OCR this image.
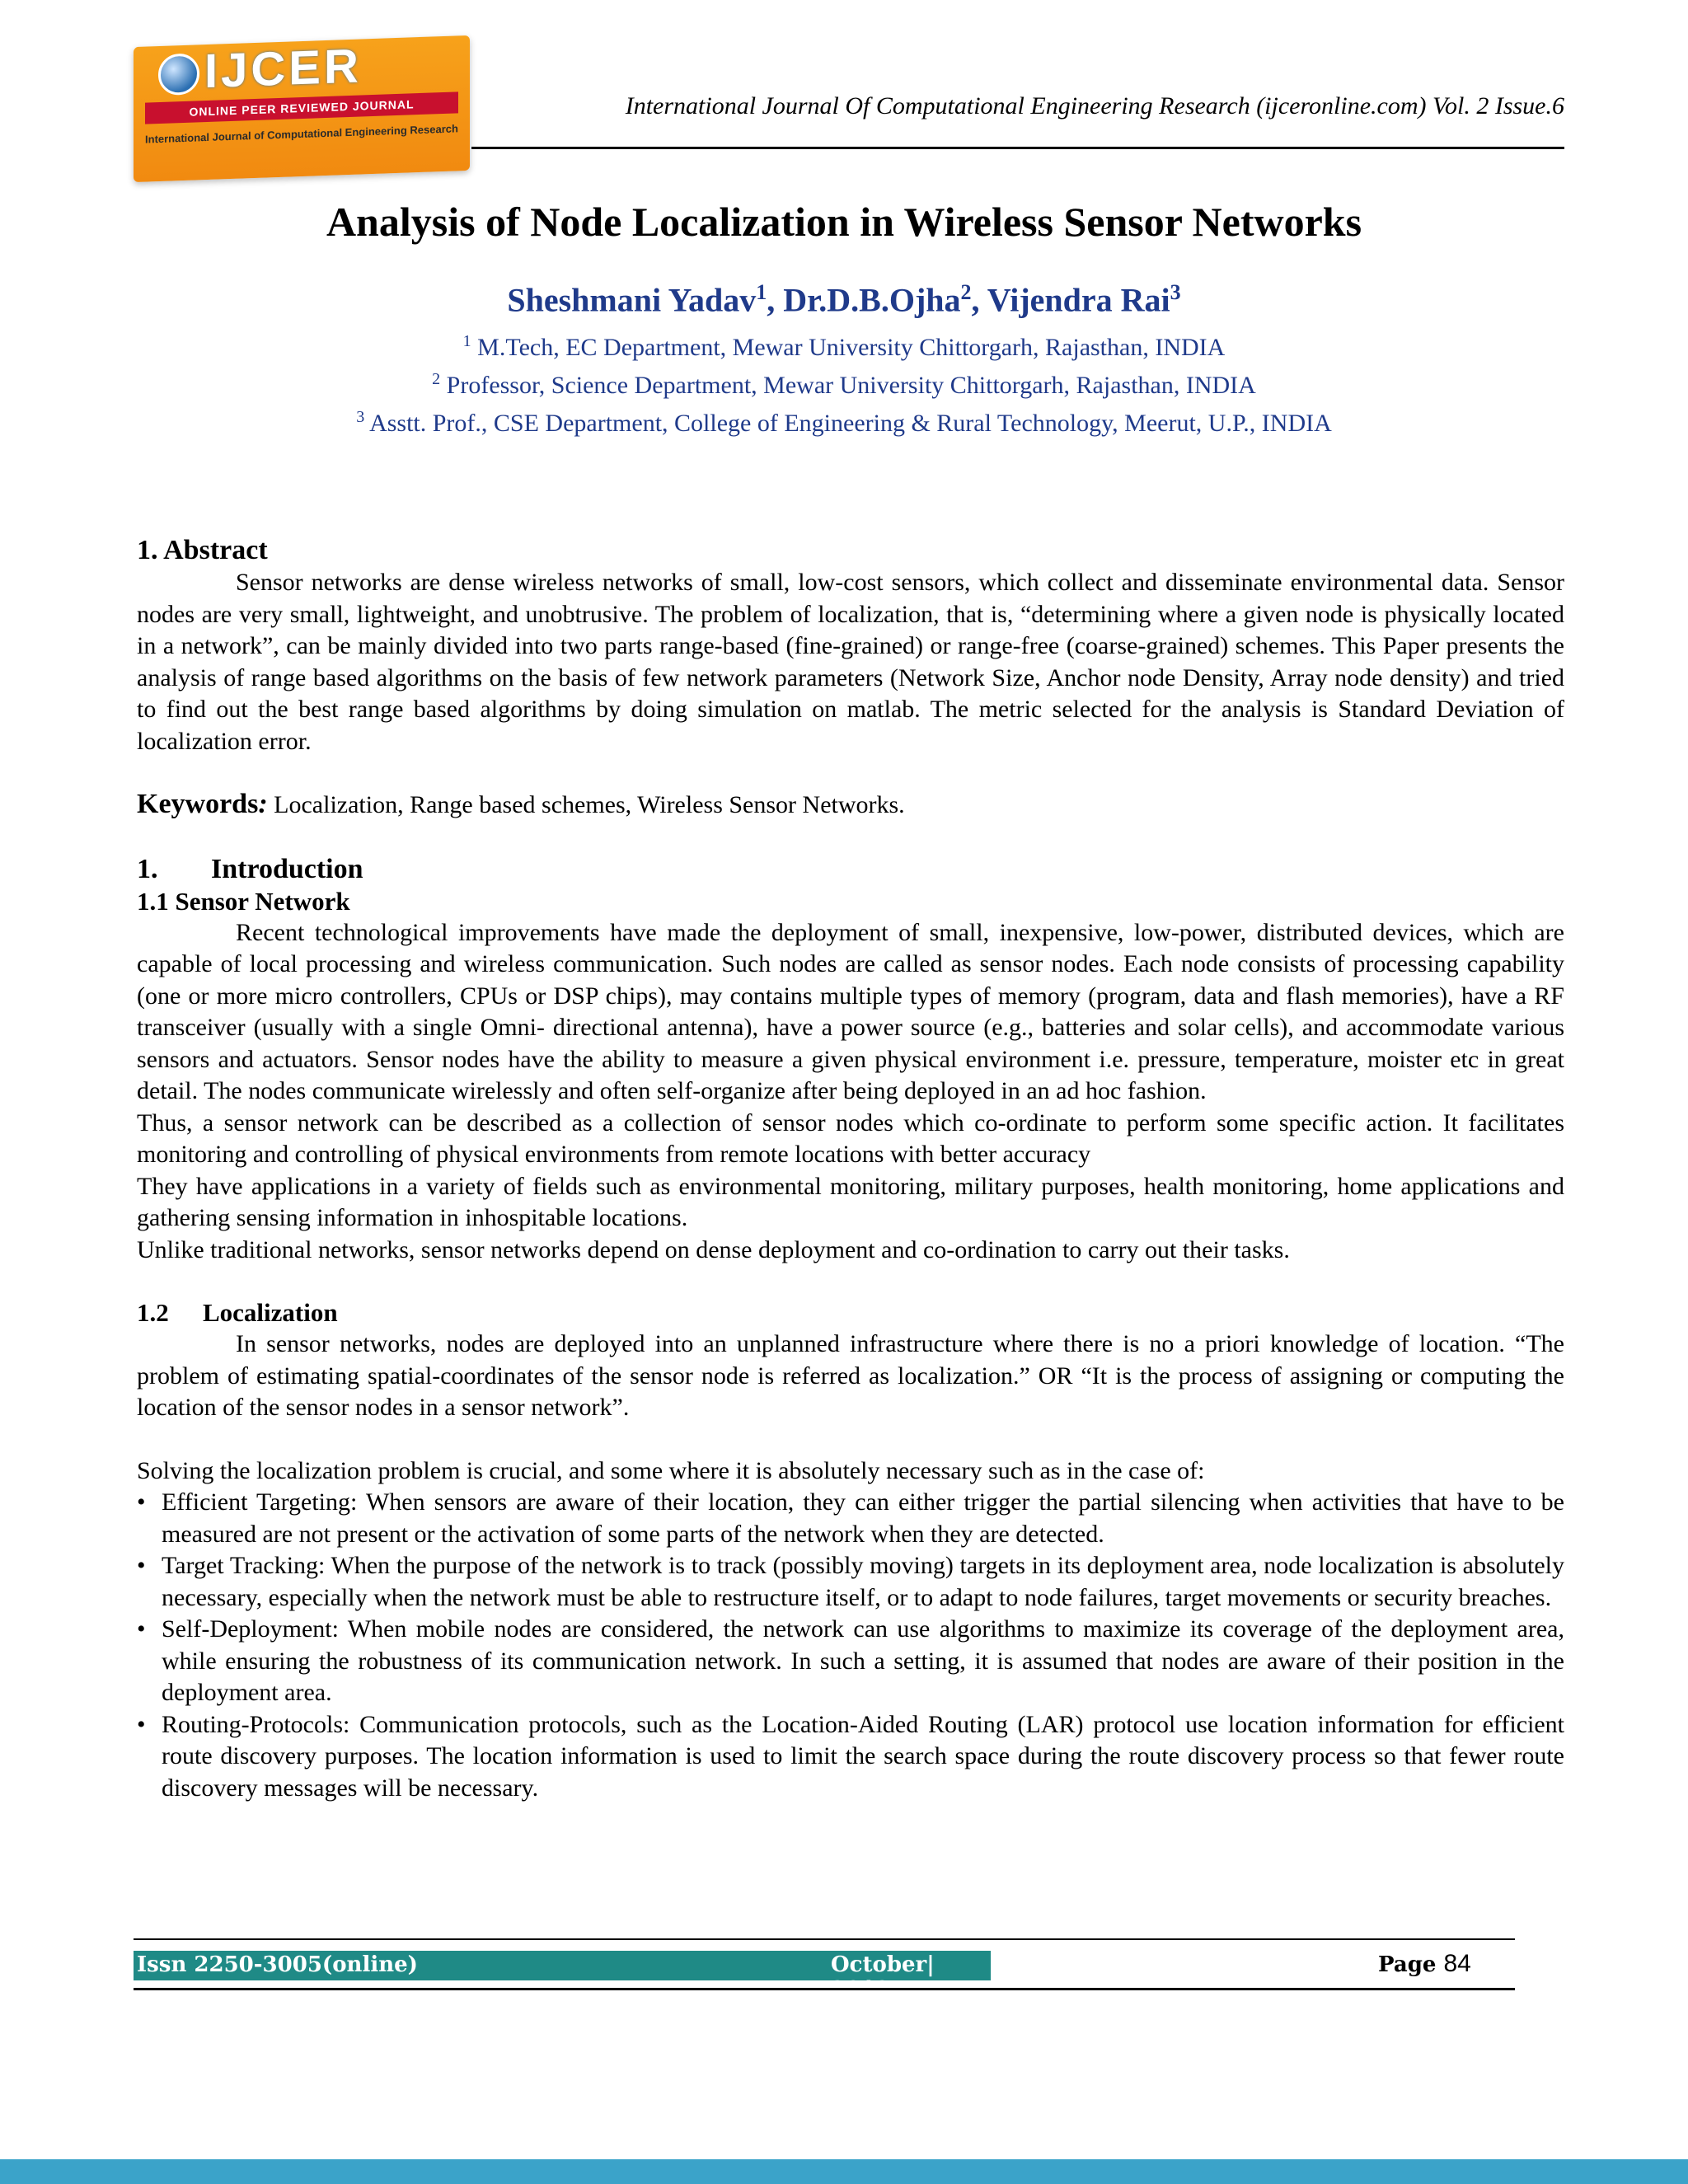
IJCER
ONLINE PEER REVIEWED JOURNAL
International Journal of Computational Engineering Research
International Journal Of Computational Engineering Research (ijceronline.com) Vol. 2 Issue.6
Analysis of Node Localization in Wireless Sensor Networks
Sheshmani Yadav$^1$, Dr.D.B.Ojha$^2$, Vijendra Rai$^3$
$^1$ M.Tech, EC Department, Mewar University Chittorgarh, Rajasthan, INDIA
$^2$ Professor, Science Department, Mewar University Chittorgarh, Rajasthan, INDIA
$^3$ Asstt. Prof., CSE Department, College of Engineering & Rural Technology, Meerut, U.P., INDIA
1. Abstract

Sensor networks are dense wireless networks of small, low-cost sensors, which collect and disseminate environmental data. Sensor nodes are very small, lightweight, and unobtrusive. The problem of localization, that is, “determining where a given node is physically located in a network”, can be mainly divided into two parts range-based (fine-grained) or range-free (coarse-grained) schemes. This Paper presents the analysis of range based algorithms on the basis of few network parameters (Network Size, Anchor node Density, Array node density) and tried to find out the best range based algorithms by doing simulation on matlab. The metric selected for the analysis is Standard Deviation of localization error.

Keywords: Localization, Range based schemes, Wireless Sensor Networks.

1. Introduction
1.1 Sensor Network

Recent technological improvements have made the deployment of small, inexpensive, low-power, distributed devices, which are capable of local processing and wireless communication. Such nodes are called as sensor nodes. Each node consists of processing capability (one or more micro controllers, CPUs or DSP chips), may contains multiple types of memory (program, data and flash memories), have a RF transceiver (usually with a single Omni- directional antenna), have a power source (e.g., batteries and solar cells), and accommodate various sensors and actuators. Sensor nodes have the ability to measure a given physical environment i.e. pressure, temperature, moister etc in great detail. The nodes communicate wirelessly and often self-organize after being deployed in an ad hoc fashion.

Thus, a sensor network can be described as a collection of sensor nodes which co-ordinate to perform some specific action. It facilitates monitoring and controlling of physical environments from remote locations with better accuracy

They have applications in a variety of fields such as environmental monitoring, military purposes, health monitoring, home applications and gathering sensing information in inhospitable locations.

Unlike traditional networks, sensor networks depend on dense deployment and co-ordination to carry out their tasks.

1.2 Localization

In sensor networks, nodes are deployed into an unplanned infrastructure where there is no a priori knowledge of location. “The problem of estimating spatial-coordinates of the sensor node is referred as localization.” OR “It is the process of assigning or computing the location of the sensor nodes in a sensor network”.

Solving the localization problem is crucial, and some where it is absolutely necessary such as in the case of:

• Efficient Targeting: When sensors are aware of their location, they can either trigger the partial silencing when activities that have to be measured are not present or the activation of some parts of the network when they are detected.
• Target Tracking: When the purpose of the network is to track (possibly moving) targets in its deployment area, node localization is absolutely necessary, especially when the network must be able to restructure itself, or to adapt to node failures, target movements or security breaches.
• Self-Deployment: When mobile nodes are considered, the network can use algorithms to maximize its coverage of the deployment area, while ensuring the robustness of its communication network. In such a setting, it is assumed that nodes are aware of their position in the deployment area.
• Routing-Protocols: Communication protocols, such as the Location-Aided Routing (LAR) protocol use location information for efficient route discovery purposes. The location information is used to limit the search space during the route discovery process so that fewer route discovery messages will be necessary.
Issn 2250-3005(online)	October| 2012
Page 84
